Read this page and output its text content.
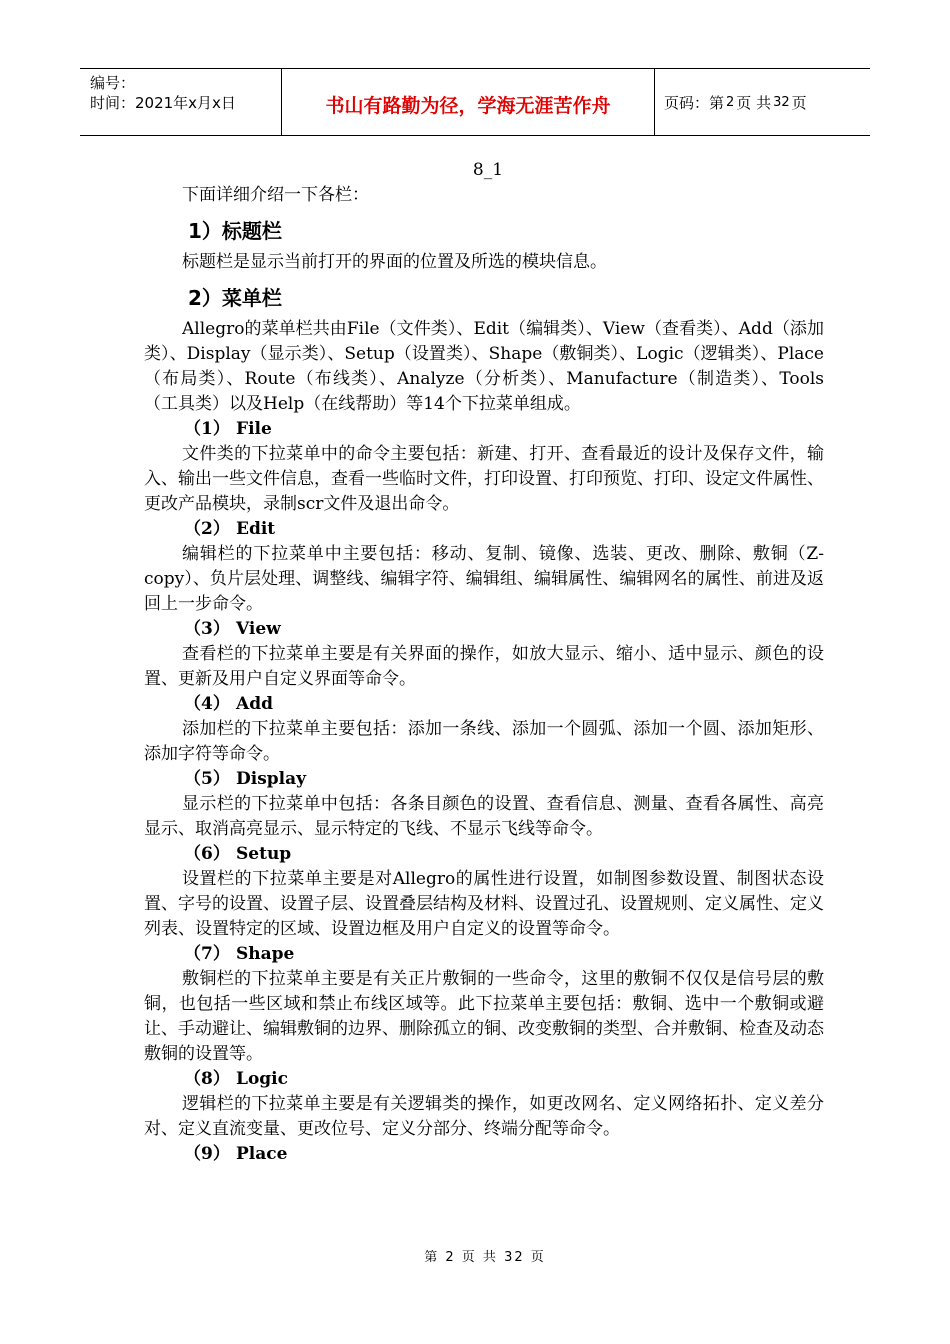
编号：
时间：2021年x月x日	书山有路勤为径，学海无涯苦作舟	页码：第 2 页 共 32 页
8_1

下面详细介绍一下各栏：

1）标题栏

标题栏是显示当前打开的界面的位置及所选的模块信息。

2）菜单栏

Allegro的菜单栏共由File（文件类）、Edit（编辑类）、View（查看类）、Add（添加类）、Display（显示类）、Setup（设置类）、Shape（敷铜类）、Logic（逻辑类）、Place（布局类）、Route（布线类）、Analyze（分析类）、Manufacture（制造类）、Tools（工具类）以及Help（在线帮助）等14个下拉菜单组成。

（1） File

文件类的下拉菜单中的命令主要包括：新建、打开、查看最近的设计及保存文件，输入、输出一些文件信息，查看一些临时文件，打印设置、打印预览、打印、设定文件属性、更改产品模块，录制scr文件及退出命令。

（2） Edit

编辑栏的下拉菜单中主要包括：移动、复制、镜像、选装、更改、删除、敷铜（Z-copy）、负片层处理、调整线、编辑字符、编辑组、编辑属性、编辑网名的属性、前进及返回上一步命令。

（3） View

查看栏的下拉菜单主要是有关界面的操作，如放大显示、缩小、适中显示、颜色的设置、更新及用户自定义界面等命令。

（4） Add

添加栏的下拉菜单主要包括：添加一条线、添加一个圆弧、添加一个圆、添加矩形、添加字符等命令。

（5） Display

显示栏的下拉菜单中包括：各条目颜色的设置、查看信息、测量、查看各属性、高亮显示、取消高亮显示、显示特定的飞线、不显示飞线等命令。

（6） Setup

设置栏的下拉菜单主要是对Allegro的属性进行设置，如制图参数设置、制图状态设置、字号的设置、设置子层、设置叠层结构及材料、设置过孔、设置规则、定义属性、定义列表、设置特定的区域、设置边框及用户自定义的设置等命令。

（7） Shape

敷铜栏的下拉菜单主要是有关正片敷铜的一些命令，这里的敷铜不仅仅是信号层的敷铜，也包括一些区域和禁止布线区域等。此下拉菜单主要包括：敷铜、选中一个敷铜或避让、手动避让、编辑敷铜的边界、删除孤立的铜、改变敷铜的类型、合并敷铜、检查及动态敷铜的设置等。

（8） Logic

逻辑栏的下拉菜单主要是有关逻辑类的操作，如更改网名、定义网络拓扑、定义差分对、定义直流变量、更改位号、定义分部分、终端分配等命令。

（9） Place
第 2 页 共 32 页
